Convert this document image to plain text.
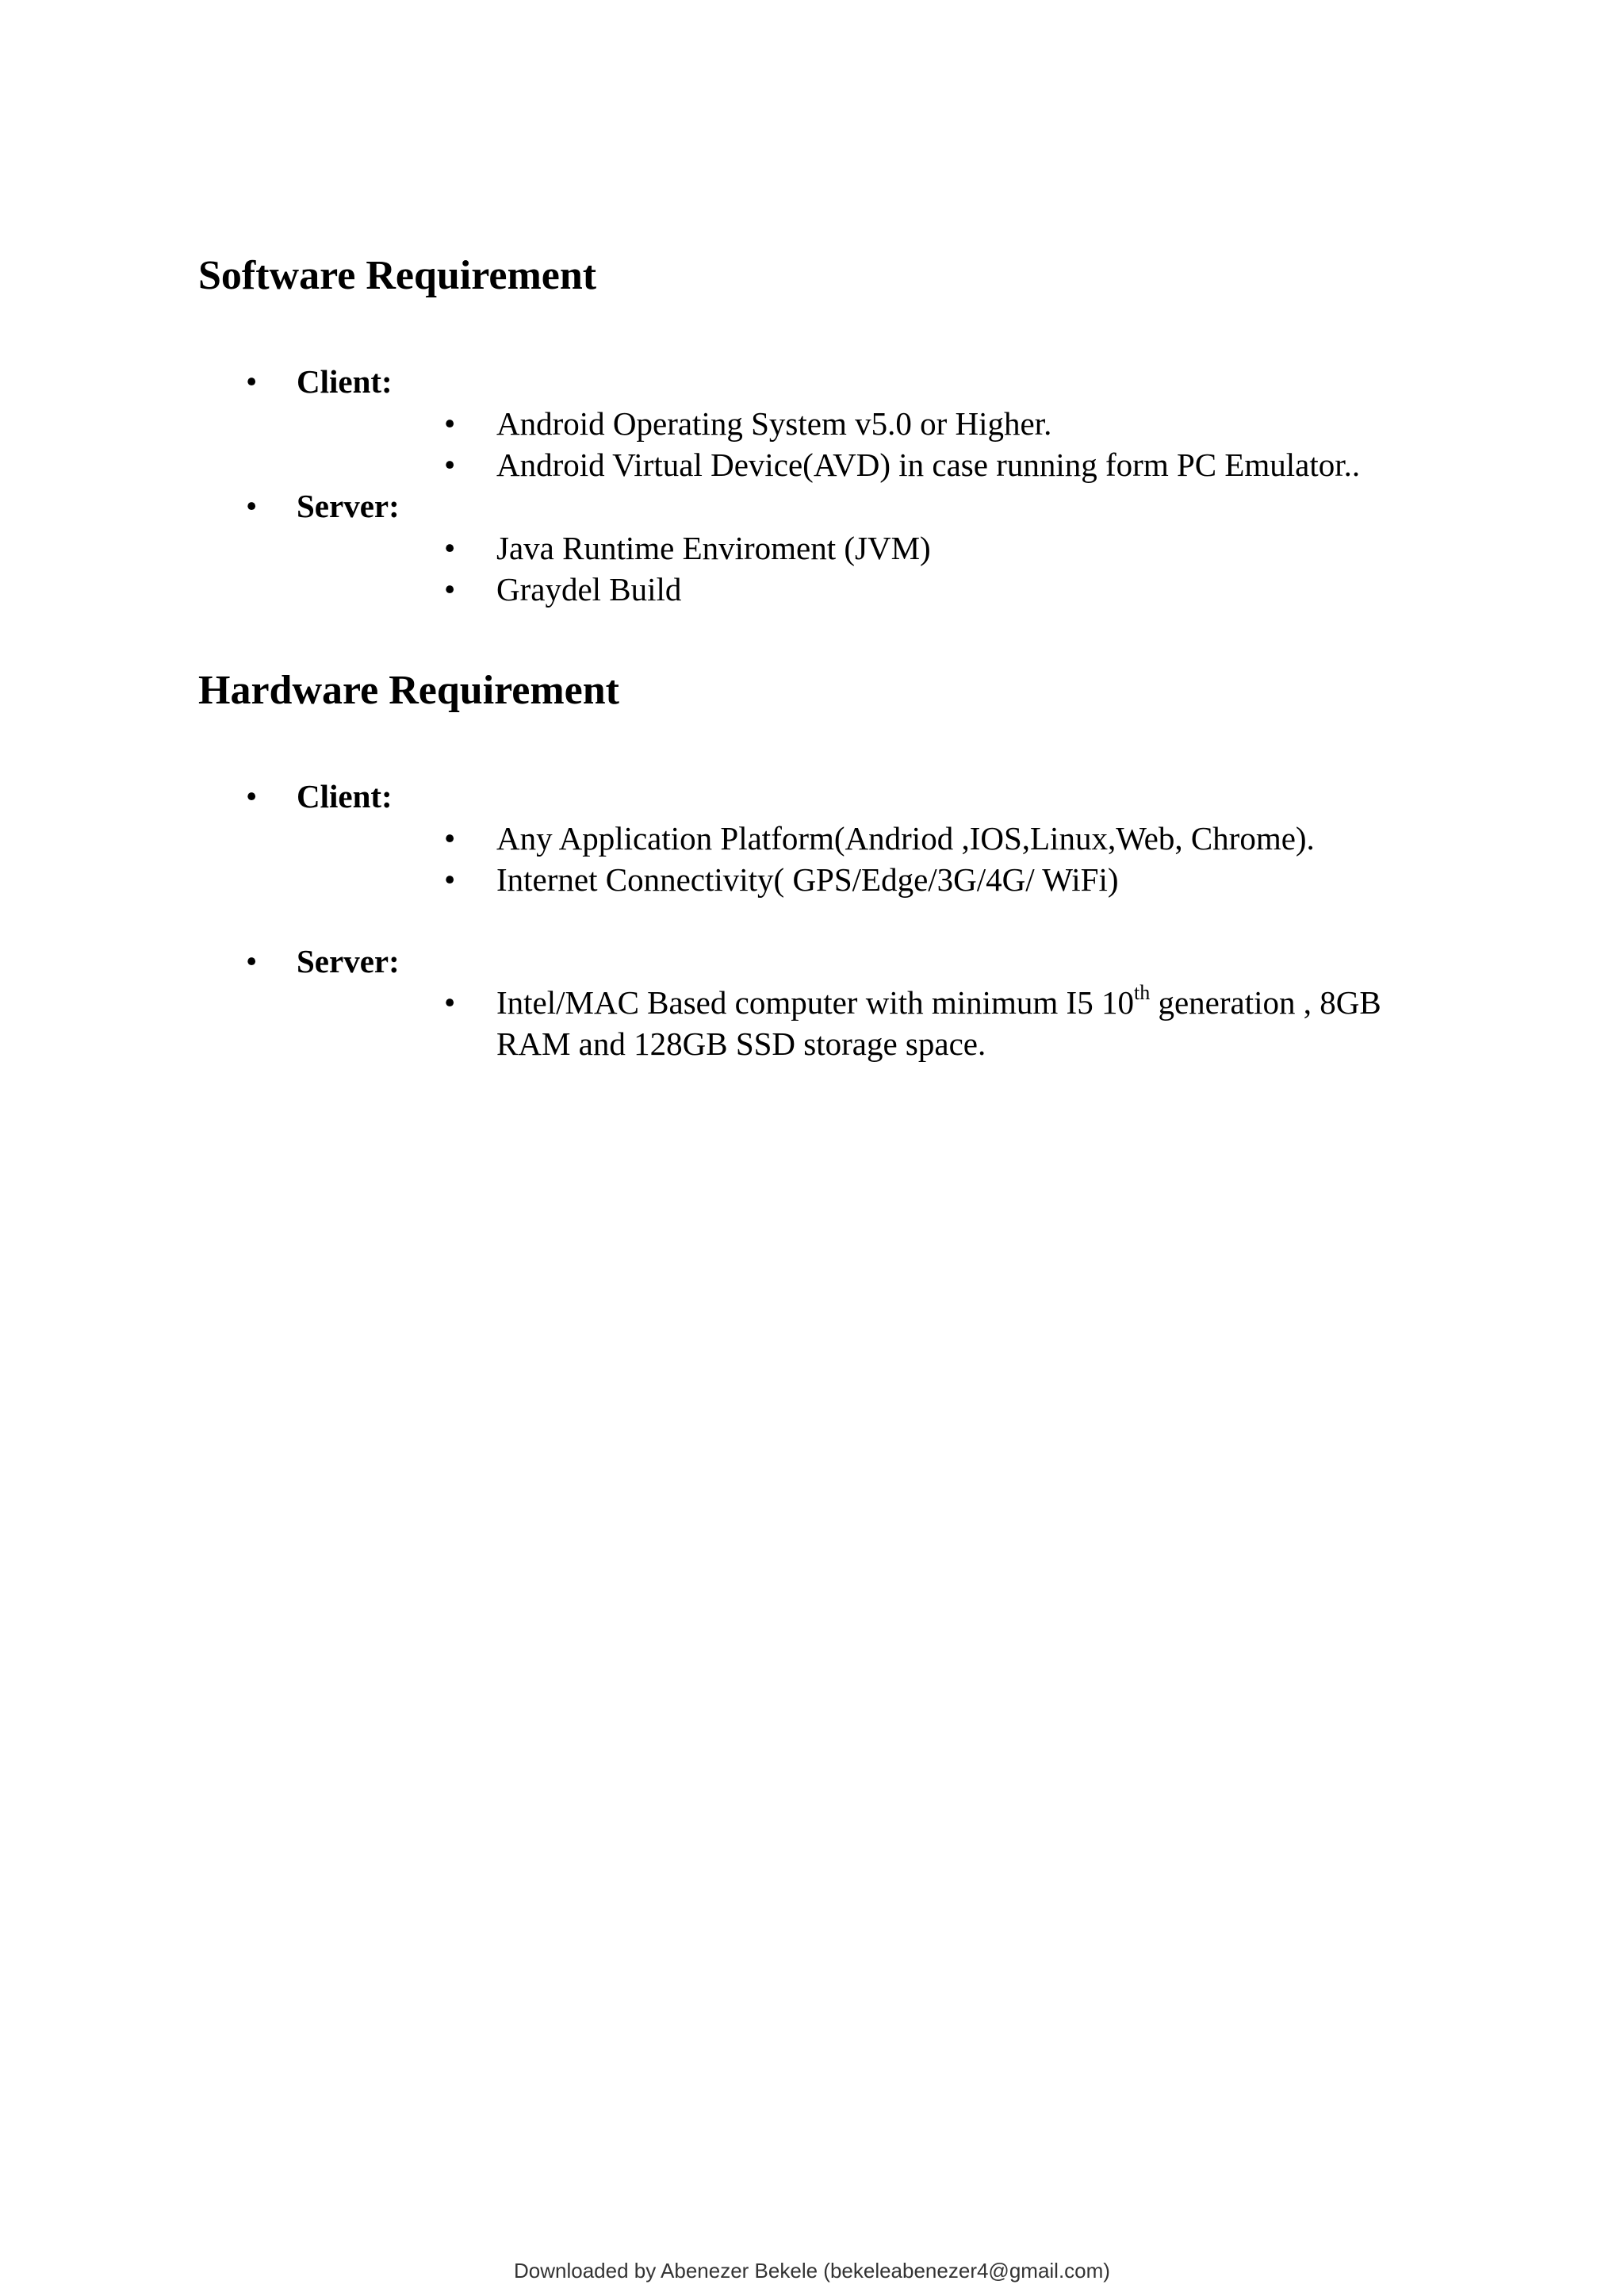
Software Requirement
• Client:
• Android Operating System v5.0 or Higher.
• Android Virtual Device(AVD) in case running form PC Emulator..
• Server:
• Java Runtime Enviroment (JVM)
• Graydel Build
Hardware Requirement
• Client:
• Any Application Platform(Andriod ,IOS,Linux,Web, Chrome).
• Internet Connectivity( GPS/Edge/3G/4G/ WiFi)
• Server:
• Intel/MAC Based computer with minimum I5 10th generation , 8GB RAM and 128GB SSD storage space.
Downloaded by Abenezer Bekele (bekeleabenezer4@gmail.com)
